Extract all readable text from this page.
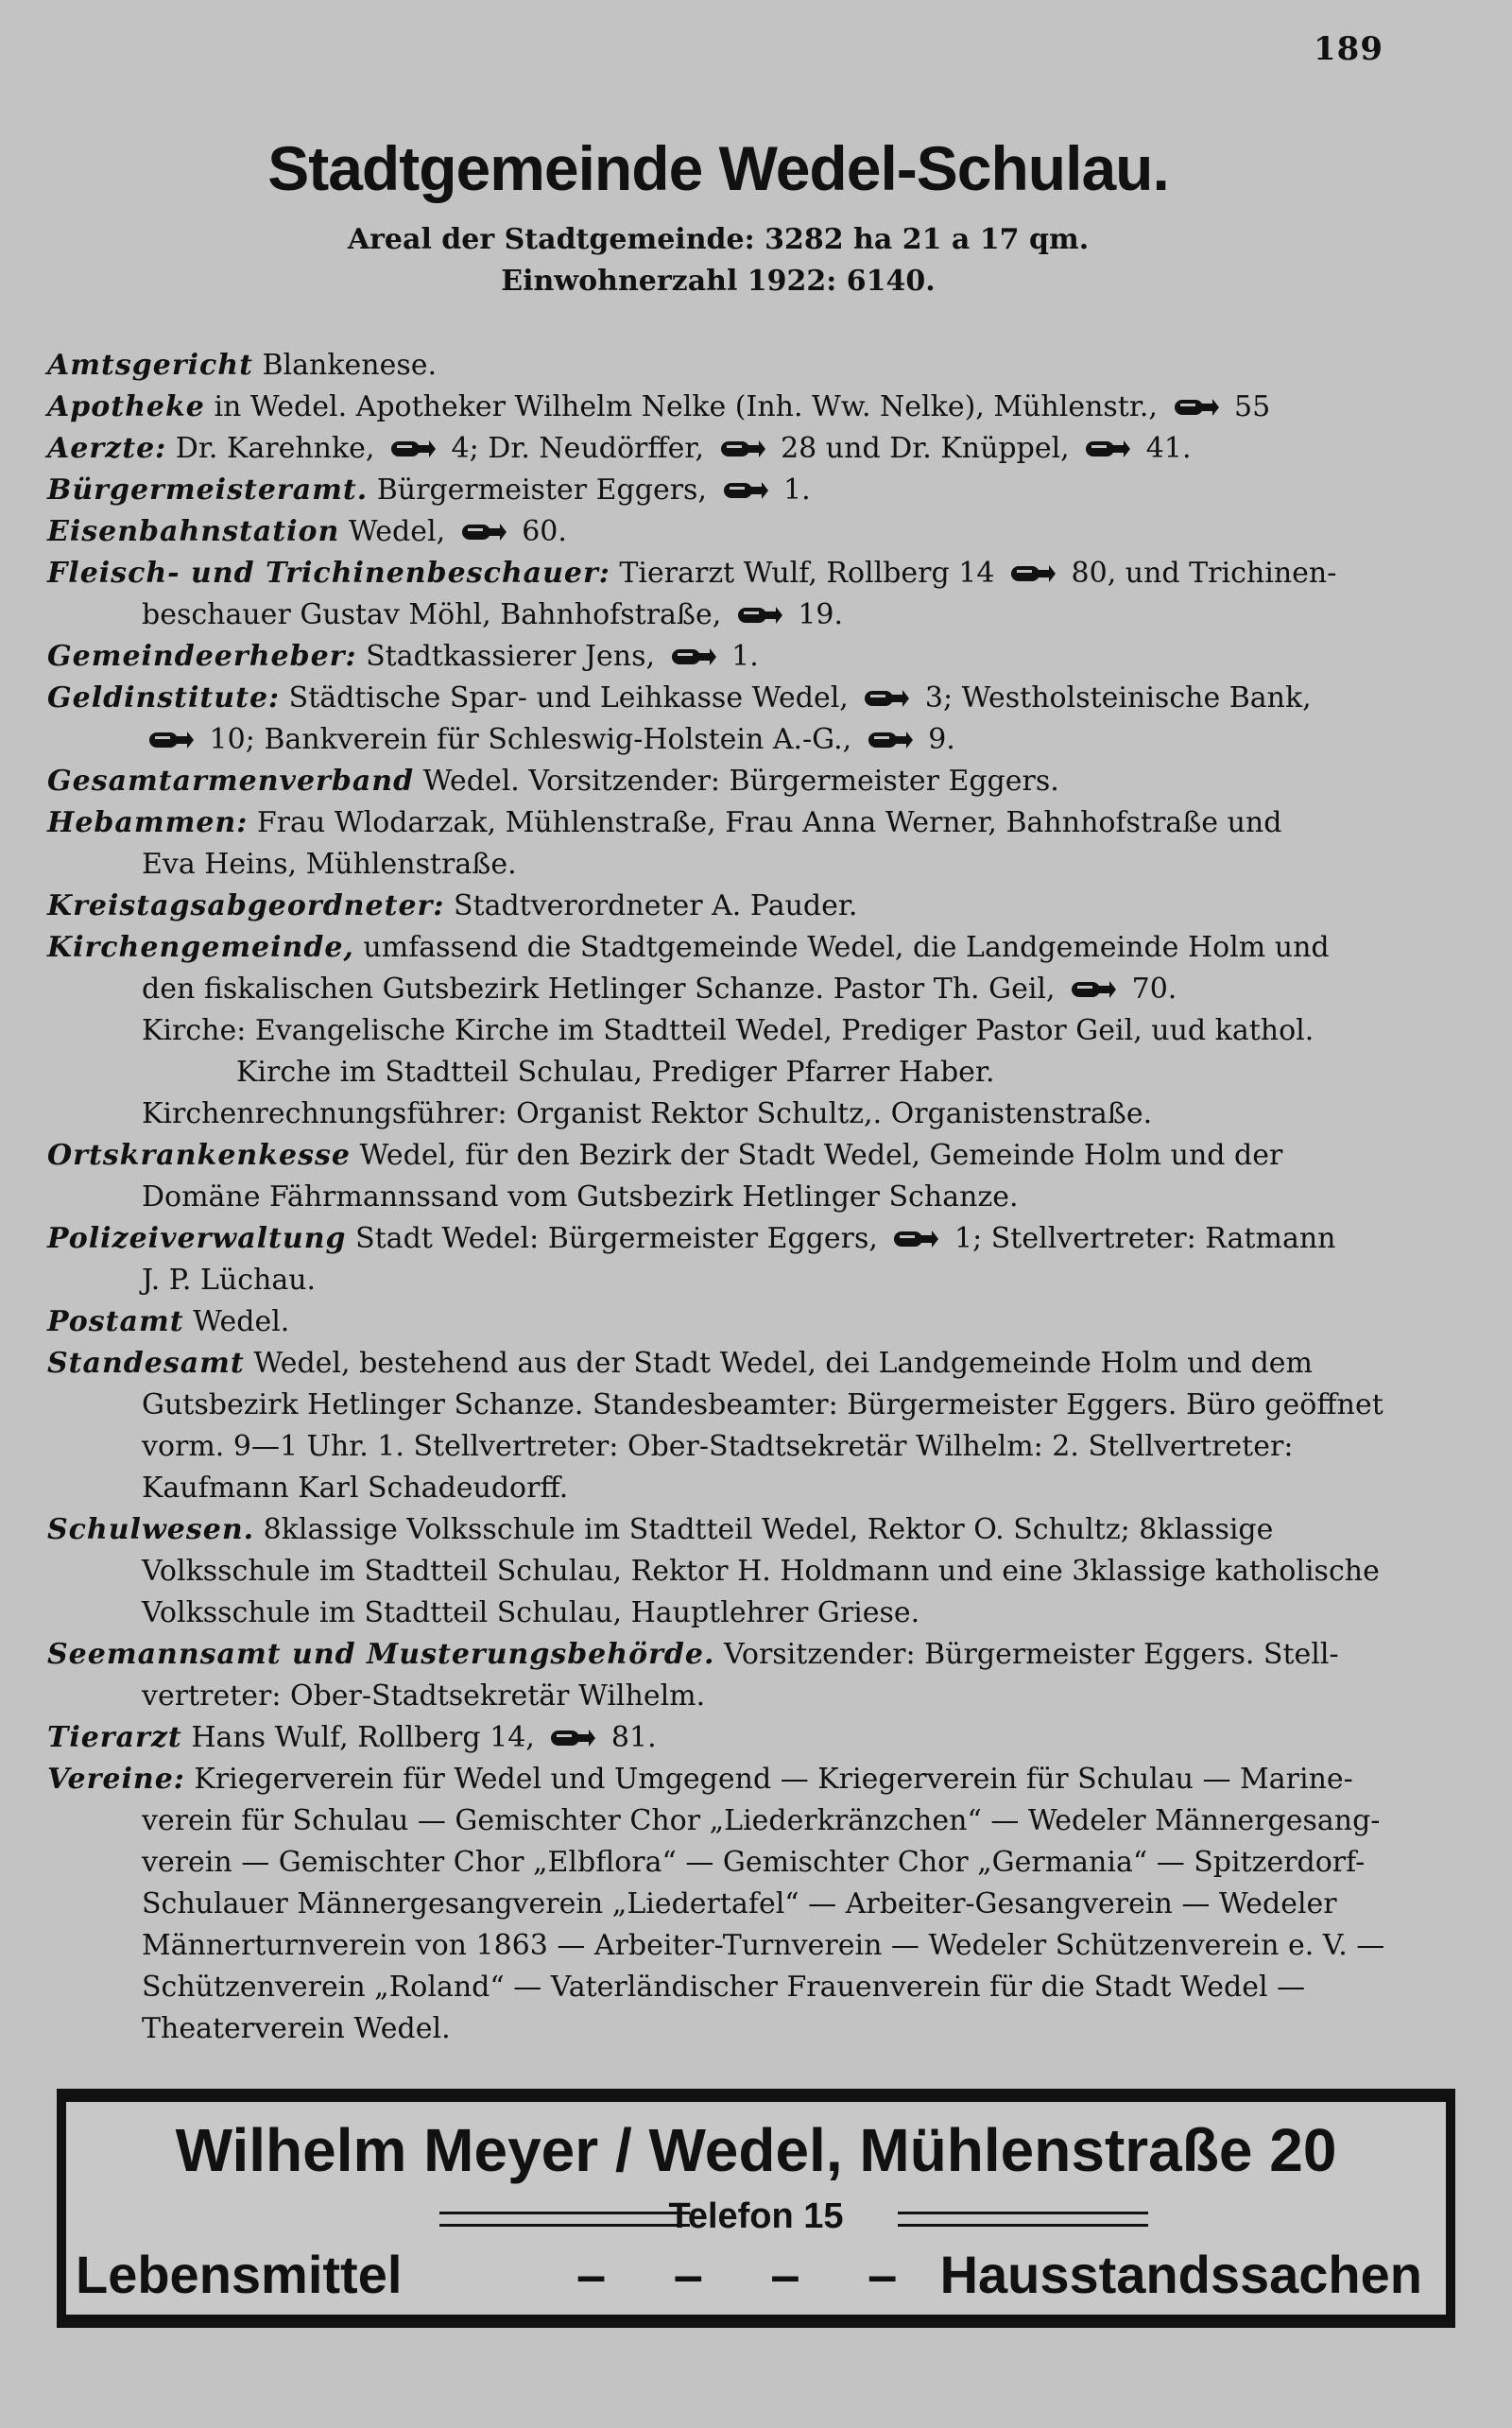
189
Stadtgemeinde Wedel-Schulau.
Areal der Stadtgemeinde: 3282 ha 21 a 17 qm.
Einwohnerzahl 1922: 6140.

Amtsgericht Blankenese.

Apotheke in Wedel. Apotheker Wilhelm Nelke (Inh. Ww. Nelke), Mühlenstr.,  55

Aerzte: Dr. Karehnke,  4; Dr. Neudörffer,  28 und Dr. Knüppel,  41.

Bürgermeisteramt. Bürgermeister Eggers,  1.

Eisenbahnstation Wedel,  60.

Fleisch- und Trichinenbeschauer: Tierarzt Wulf, Rollberg 14  80, und Trichinen-

beschauer Gustav Möhl, Bahnhofstraße,  19.

Gemeindeerheber: Stadtkassierer Jens,  1.

Geldinstitute: Städtische Spar- und Leihkasse Wedel,  3; Westholsteinische Bank,

10; Bankverein für Schleswig-Holstein A.-G.,  9.

Gesamtarmenverband Wedel. Vorsitzender: Bürgermeister Eggers.

Hebammen: Frau Wlodarzak, Mühlenstraße, Frau Anna Werner, Bahnhofstraße und

Eva Heins, Mühlenstraße.

Kreistagsabgeordneter: Stadtverordneter A. Pauder.

Kirchengemeinde, umfassend die Stadtgemeinde Wedel, die Landgemeinde Holm und

den fiskalischen Gutsbezirk Hetlinger Schanze. Pastor Th. Geil,  70.

Kirche: Evangelische Kirche im Stadtteil Wedel, Prediger Pastor Geil, uud kathol.

Kirche im Stadtteil Schulau, Prediger Pfarrer Haber.

Kirchenrechnungsführer: Organist Rektor Schultz,. Organistenstraße.

Ortskrankenkesse Wedel, für den Bezirk der Stadt Wedel, Gemeinde Holm und der

Domäne Fährmannssand vom Gutsbezirk Hetlinger Schanze.

Polizeiverwaltung Stadt Wedel: Bürgermeister Eggers,  1; Stellvertreter: Ratmann

J. P. Lüchau.

Postamt Wedel.

Standesamt Wedel, bestehend aus der Stadt Wedel, dei Landgemeinde Holm und dem

Gutsbezirk Hetlinger Schanze. Standesbeamter: Bürgermeister Eggers. Büro geöffnet

vorm. 9—1 Uhr. 1. Stellvertreter: Ober-Stadtsekretär Wilhelm: 2. Stellvertreter:

Kaufmann Karl Schadeudorff.

Schulwesen. 8klassige Volksschule im Stadtteil Wedel, Rektor O. Schultz; 8klassige

Volksschule im Stadtteil Schulau, Rektor H. Holdmann und eine 3klassige katholische

Volksschule im Stadtteil Schulau, Hauptlehrer Griese.

Seemannsamt und Musterungsbehörde. Vorsitzender: Bürgermeister Eggers. Stell-

vertreter: Ober-Stadtsekretär Wilhelm.

Tierarzt Hans Wulf, Rollberg 14,  81.

Vereine: Kriegerverein für Wedel und Umgegend — Kriegerverein für Schulau — Marine-

verein für Schulau — Gemischter Chor „Liederkränzchen“ — Wedeler Männergesang-

verein — Gemischter Chor „Elbflora“ — Gemischter Chor „Germania“ — Spitzerdorf-

Schulauer Männergesangverein „Liedertafel“ — Arbeiter-Gesangverein — Wedeler

Männerturnverein von 1863 — Arbeiter-Turnverein — Wedeler Schützenverein e. V. —

Schützenverein „Roland“ — Vaterländischer Frauenverein für die Stadt Wedel —

Theaterverein Wedel.

Wilhelm Meyer / Wedel, Mühlenstraße 20
Telefon 15
Lebensmittel	– – – – Hausstandssachen
